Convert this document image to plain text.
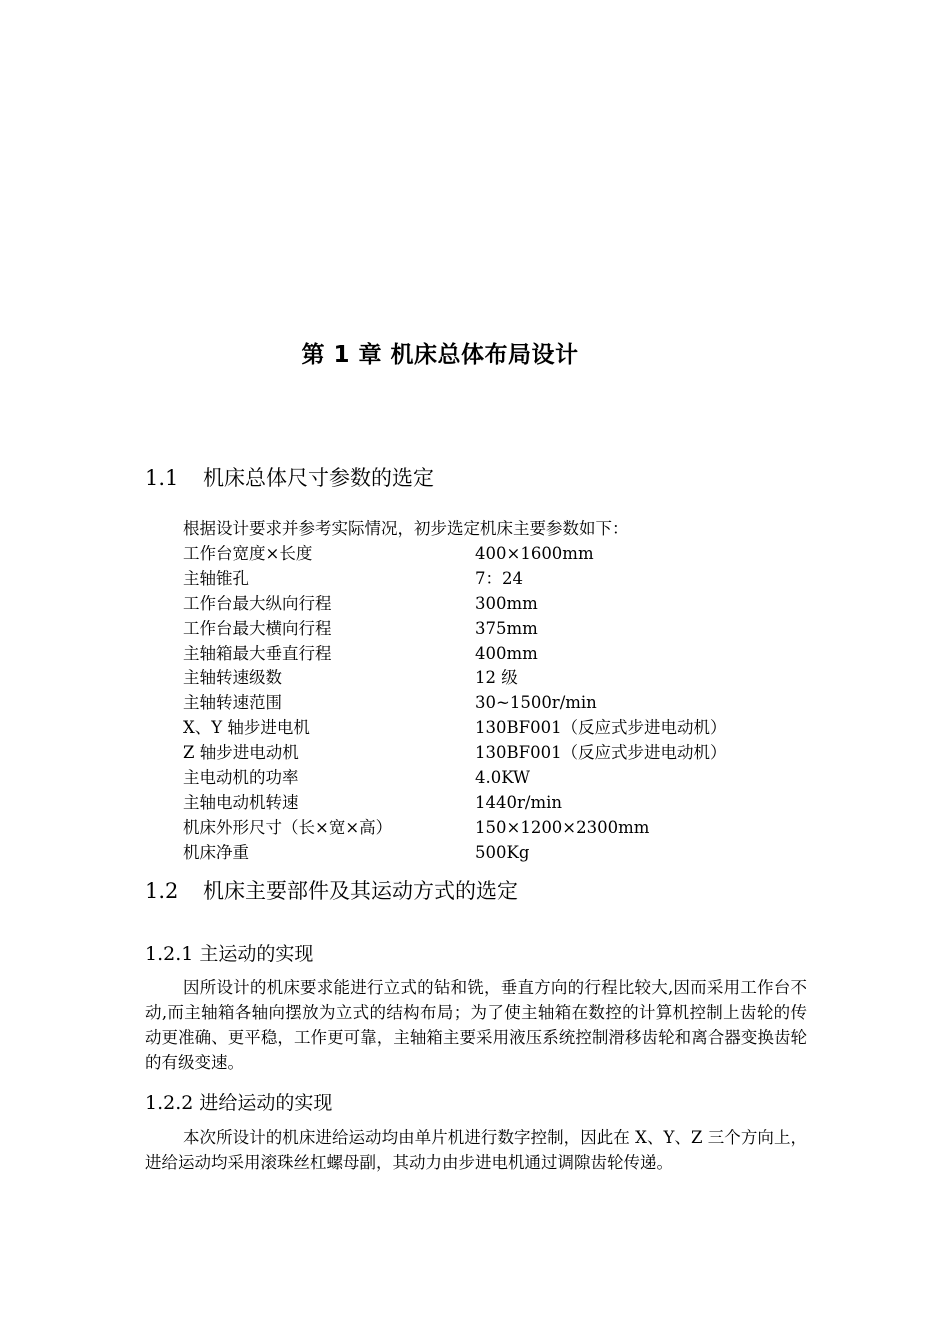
第 1 章 机床总体布局设计
1.1 机床总体尺寸参数的选定
根据设计要求并参考实际情况，初步选定机床主要参数如下：
工作台宽度×长度	400×1600mm
主轴锥孔	7：24
工作台最大纵向行程	300mm
工作台最大横向行程	375mm
主轴箱最大垂直行程	400mm
主轴转速级数	12 级
主轴转速范围	30~1500r/min
X、Y 轴步进电机	130BF001（反应式步进电动机）
Z 轴步进电动机	130BF001（反应式步进电动机）
主电动机的功率	4.0KW
主轴电动机转速	1440r/min
机床外形尺寸（长×宽×高）	150×1200×2300mm
机床净重	500Kg
1.2 机床主要部件及其运动方式的选定
1.2.1 主运动的实现
因所设计的机床要求能进行立式的钻和铣，垂直方向的行程比较大,因而采用工作台不动,而主轴箱各轴向摆放为立式的结构布局；为了使主轴箱在数控的计算机控制上齿轮的传动更准确、更平稳，工作更可靠，主轴箱主要采用液压系统控制滑移齿轮和离合器变换齿轮的有级变速。
1.2.2 进给运动的实现
本次所设计的机床进给运动均由单片机进行数字控制，因此在 X、Y、Z 三个方向上，进给运动均采用滚珠丝杠螺母副，其动力由步进电机通过调隙齿轮传递。
